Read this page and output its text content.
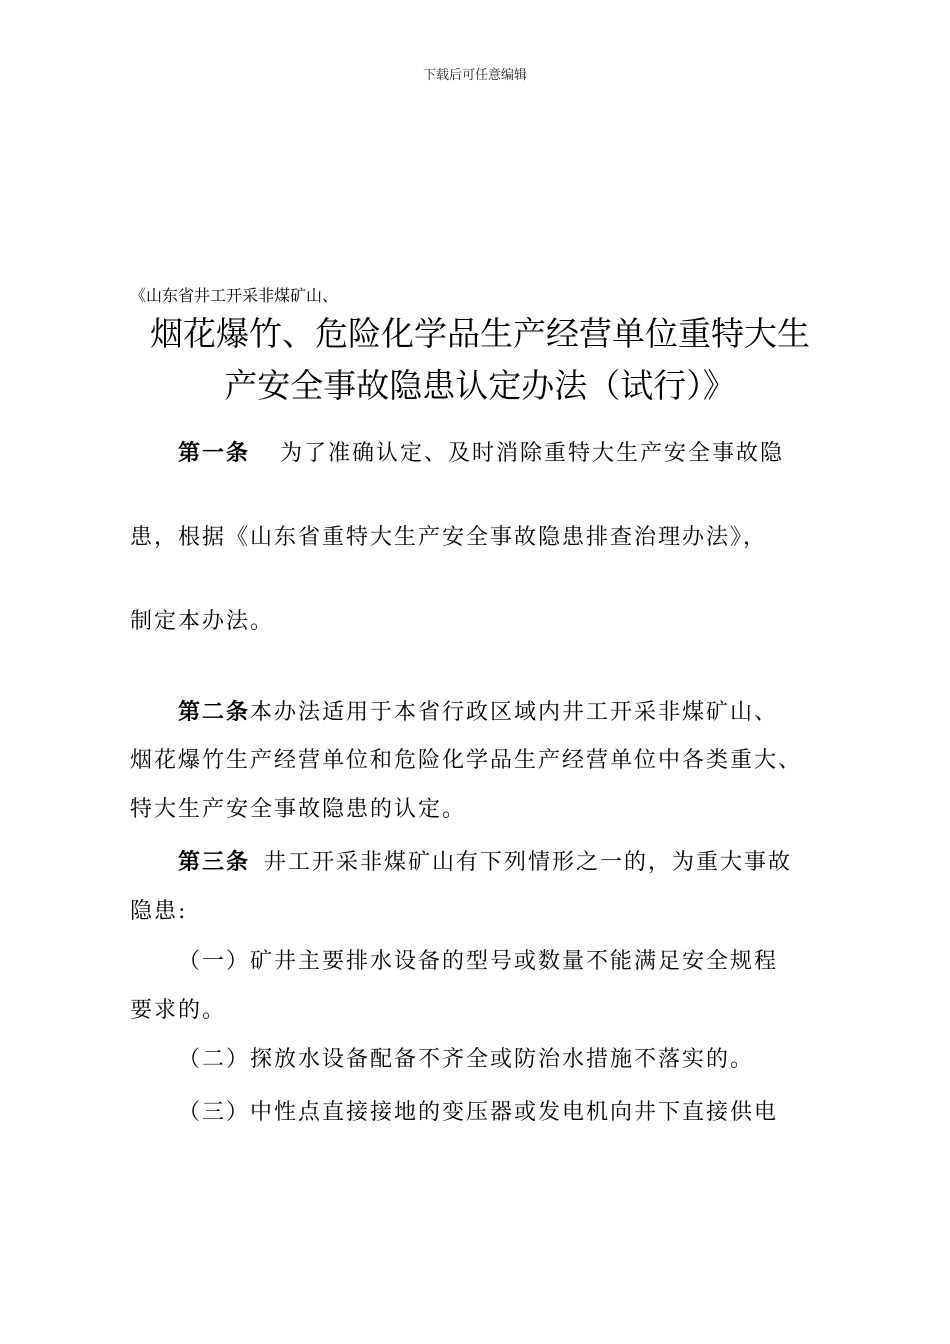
下载后可任意编辑
《山东省井工开采非煤矿山、
烟花爆竹、危险化学品生产经营单位重特大生
产安全事故隐患认定办法（试行）》
第一条 为了准确认定、及时消除重特大生产安全事故隐
患，根据《山东省重特大生产安全事故隐患排查治理办法》，
制定本办法。
第二条本办法适用于本省行政区域内井工开采非煤矿山、
烟花爆竹生产经营单位和危险化学品生产经营单位中各类重大、
特大生产安全事故隐患的认定。
第三条 井工开采非煤矿山有下列情形之一的，为重大事故
隐患:
（一）矿井主要排水设备的型号或数量不能满足安全规程
要求的。
（二）探放水设备配备不齐全或防治水措施不落实的。
（三）中性点直接接地的变压器或发电机向井下直接供电
